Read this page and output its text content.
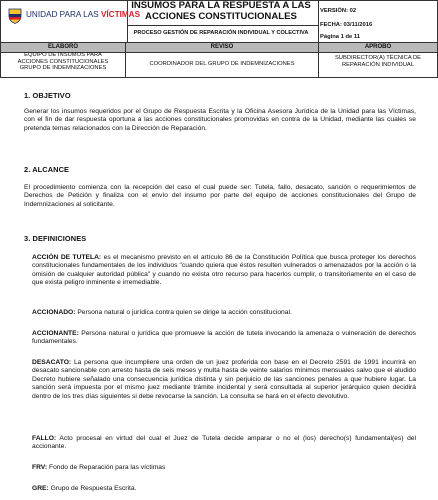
UNIDAD PARA LAS VÍCTIMAS
INSUMOS PARA LA RESPUESTA A LAS
ACCIONES CONSTITUCIONALES
PROCESO GESTIÓN DE REPARACIÓN INDIVIDUAL Y COLECTIVA
VERSIÓN: 02
FECHA: 03/11/2016
Página 1 de 11
ELABORÓ	REVISÓ	APROBÓ
EQUIPO DE INSUMOS PARA
ACCIONES CONSTITUCIONALES
GRUPO DE INDEMNIZACIONES
COORDINADOR DEL GRUPO DE INDEMNIZACIONES
SUBDIRECTOR(A) TÉCNICA DE
REPARACIÓN INDIVIDUAL
1. OBJETIVO
Generar los insumos requeridos por el Grupo de Respuesta Escrita y la Oficina Asesora Jurídica de la Unidad para las Víctimas, con el fin de dar respuesta oportuna a las acciones constitucionales promovidas en contra de la Unidad, mediante las cuales se pretenda temas relacionados con la Dirección de Reparación.
2. ALCANCE
El procedimiento comienza con la recepción del caso el cual puede ser: Tutela, fallo, desacato, sanción o requerimientos de Derechos de Petición y finaliza con el envío del insumo por parte del equipo de acciones constitucionales del Grupo de Indemnizaciones al solicitante.
3. DEFINICIONES
ACCIÓN DE TUTELA: es el mecanismo previsto en el artículo 86 de la Constitución Política que busca proteger los derechos constitucionales fundamentales de los individuos "cuando quiera que éstos resulten vulnerados o amenazados por la acción o la omisión de cualquier autoridad pública" y cuando no exista otro recurso para hacerlos cumplir, o transitoriamente en el caso de que exista peligro inminente e irremediable.
ACCIONADO: Persona natural o jurídica contra quien se dirige la acción constitucional.
ACCIONANTE: Persona natural o jurídica que promueve la acción de tutela invocando la amenaza o vulneración de derechos fundamentales.
DESACATO: La persona que incumpliere una orden de un juez proferida con base en el Decreto 2591 de 1991 incurrirá en desacato sancionable con arresto hasta de seis meses y multa hasta de veinte salarios mínimos mensuales salvo que el aludido Decreto hubiere señalado una consecuencia jurídica distinta y sin perjuicio de las sanciones penales a que hubiere lugar. La sanción será impuesta por el mismo juez mediante trámite incidental y será consultada al superior jerárquico quien decidirá dentro de los tres días siguientes si debe revocarse la sanción. La consulta se hará en el efecto devolutivo.
FALLO: Acto procesal en virtud del cual el Juez de Tutela decide amparar o no el (los) derecho(s) fundamental(es) del accionante.
FRV: Fondo de Reparación para las víctimas
GRE: Grupo de Respuesta Escrita.
